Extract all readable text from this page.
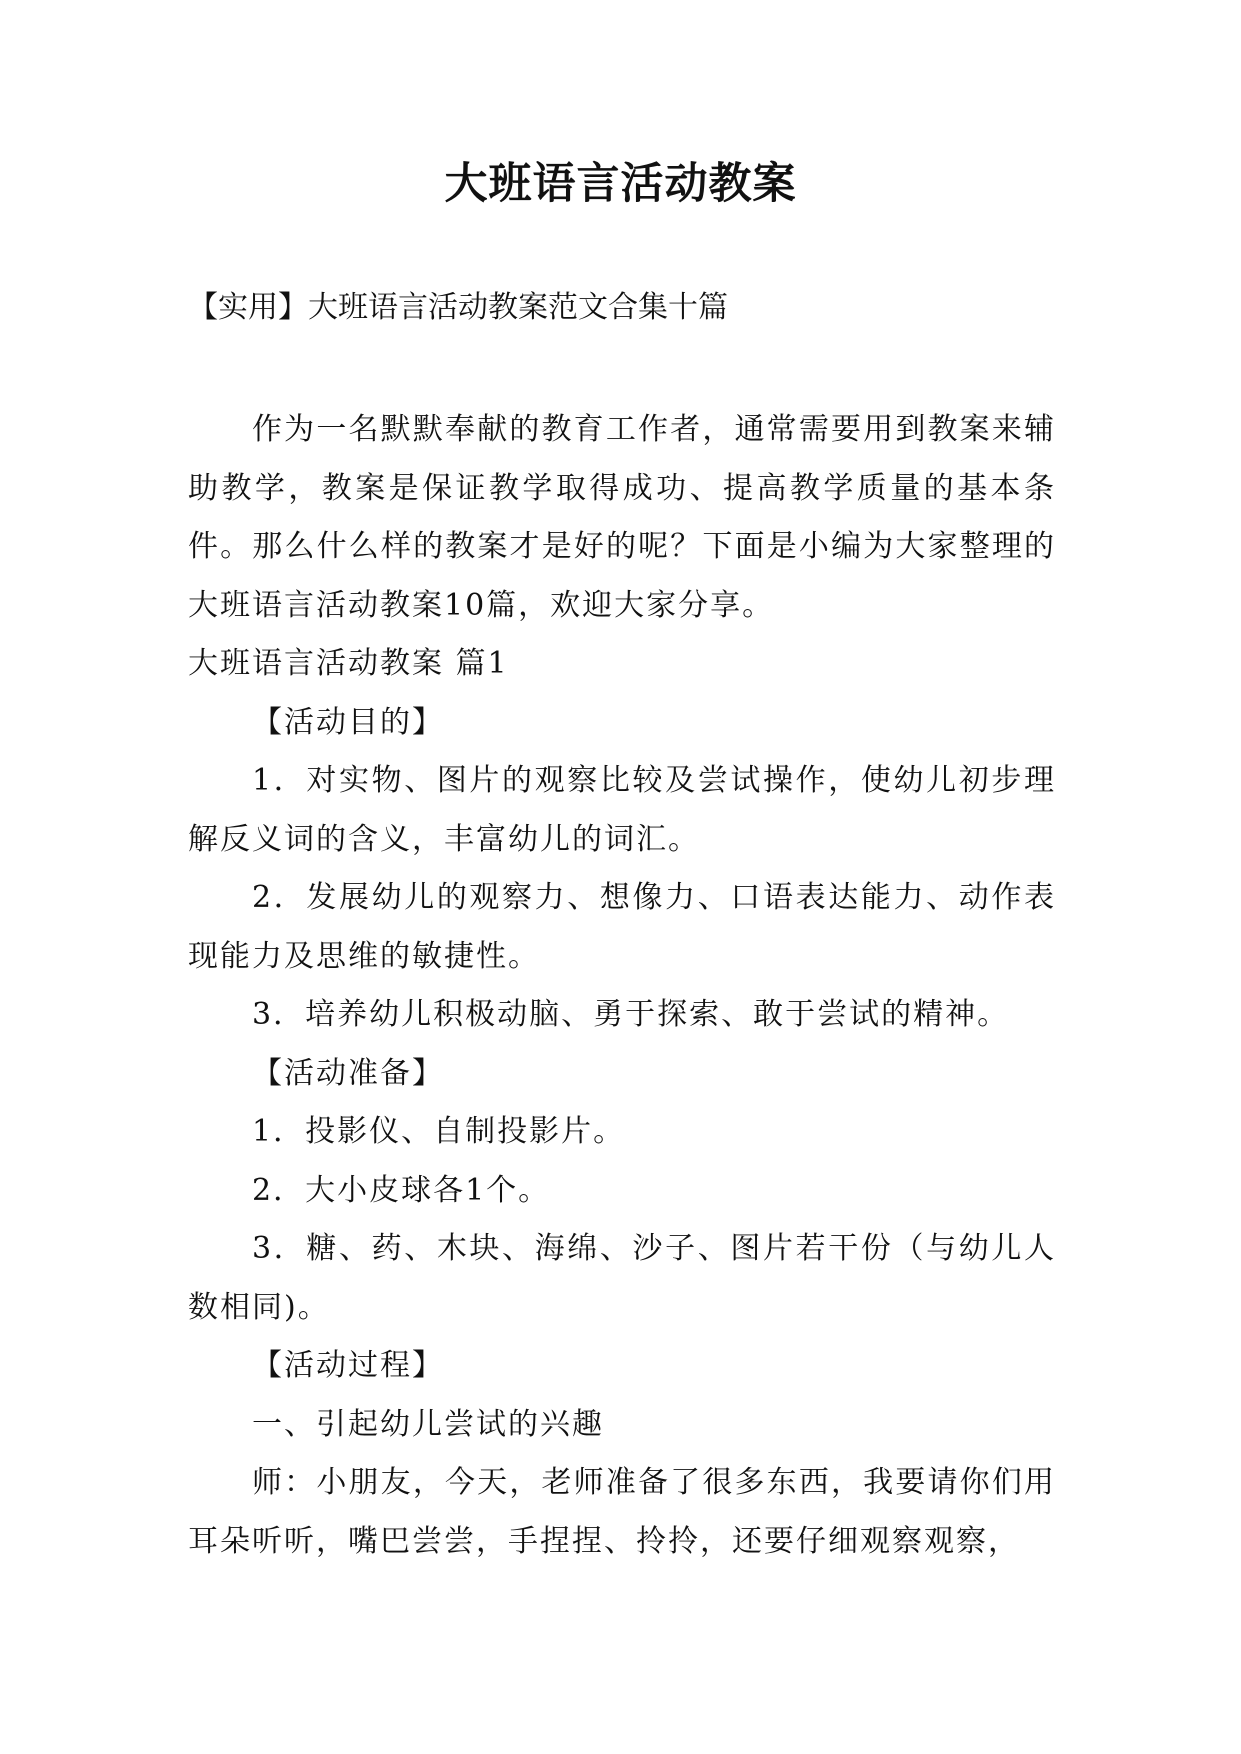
大班语言活动教案

【实用】大班语言活动教案范文合集十篇

作为一名默默奉献的教育工作者，通常需要用到教案来辅助教学，教案是保证教学取得成功、提高教学质量的基本条件。那么什么样的教案才是好的呢？下面是小编为大家整理的大班语言活动教案10篇，欢迎大家分享。

大班语言活动教案 篇1

【活动目的】

1．对实物、图片的观察比较及尝试操作，使幼儿初步理解反义词的含义，丰富幼儿的词汇。

2．发展幼儿的观察力、想像力、口语表达能力、动作表现能力及思维的敏捷性。

3．培养幼儿积极动脑、勇于探索、敢于尝试的精神。

【活动准备】

1．投影仪、自制投影片。

2．大小皮球各1个。

3．糖、药、木块、海绵、沙子、图片若干份（与幼儿人数相同)。

【活动过程】

一、引起幼儿尝试的兴趣

师：小朋友，今天，老师准备了很多东西，我要请你们用耳朵听听，嘴巴尝尝，手捏捏、拎拎，还要仔细观察观察，
